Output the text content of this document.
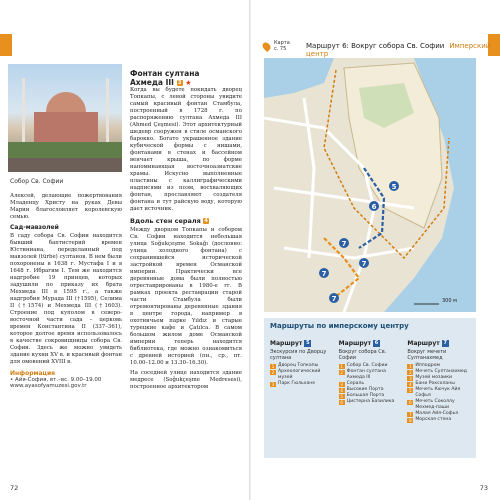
Собор Св. Софии

Алексей, делающие пожертвования Младенцу Христу на руках Девы Марии благословляет королевскую семью.

Сад-мавзолей

В саду собора Св. Софии находится бывший баптистерий времен Юстиниана, переделанный под мавзолей (türbe) султанов. В нем были похоронены в 1638 г. Мустафа I и в 1648 г. Ибрагим I. Тем же находится надгробие 19 принцев, которых задушили по приказу их брата Мехмеда III в 1595 г., а также надгробия Мурада III (†1595), Селима II (†1574) и Мехмеда III (†1603). Строение под куполом в северо-восточной части сада – церковь времен Константина II (337–361), которое долгое время использовалось в качестве сокровищницы собора Св. Софии. Здесь же можно увидеть здание кухни XV в. и красивый фонтан для омовений XVIII в.

Информация
• Айя-София, вт.–вс. 9.00–19.00
www.ayasofyamuzesi.gov.tr
Фонтан султана
Ахмеда III 3 ★

Когда вы будете покидать дворец Топкапы, с левой стороны увидите самый красивый фонтан Стамбула, построенный в 1728 г. по распоряжению султана Ахмеда III (Ahmed Çeşmesi). Этот архитектурный шедевр сооружен в стиле османского барокко. Богато украшенное здание кубической формы с нишами, фонтанами в стенах и бассейном венчает крыша, по форме напоминающая восточноазиатские храмы. Искусно выполненные пластины с каллиграфическими надписями из поэм, восхваляющих фонтан, прославляют создателя фонтана и тут райскую воду, которую дает источник.

Вдоль стен сераля 4

Между дворцом Топкапы и собором Св. Софии находится небольшая улица Soğukçeşme Sokağı (дословно: улица холодного фонтана) с сохранившейся исторической застройкой времен Османской империи. Практически все деревянные дома были полностью отреставрированы в 1980-е гг. В рамках проекта реставрации старой части Стамбула были отремонтированы деревянные здания в центре города, например в охотничьем парке Yıldız и старые турецкие кафе и Çatılca. В самом большом жилом доме Османской империи теперь находится библиотека, где можно ознакомиться с древней историей (пн., ср., пт. 10.00–12.00 и 13.30–16.30).

На соседней улице находится здание медресе (Soğukçeşme Medresesi), построенное архитектором

72
Карта
с. 75	Маршрут 6: Вокруг собора Св. Софии Имперский центр
5
6
7
7
7
7	300 м
Маршруты по имперскому центру
Маршрут 5
Экскурсия по Дворцу султана
1 Дворец Топкапы
2 Археологический музей
3 Парк Гюльхане
Маршрут 6
Вокруг собора Св. Софии
1 Собор Св. Софии
2 Фонтан султана Ахмеда III
3 Сераль
4 Высокие Порта
5 Большая Порта
6 Цистерна Базилика
Маршрут 7
Вокруг мечети Султанахмед
1 Ипподром
2 Мечеть Султанахмед
3 Музей мозаики
4 Бани Роксоланы
5 Мечеть Кючук Айя Софья
6 Мечеть Соколлу Мехмед-паши
7 Малая Айя-Софья
8 Морская стена
73
